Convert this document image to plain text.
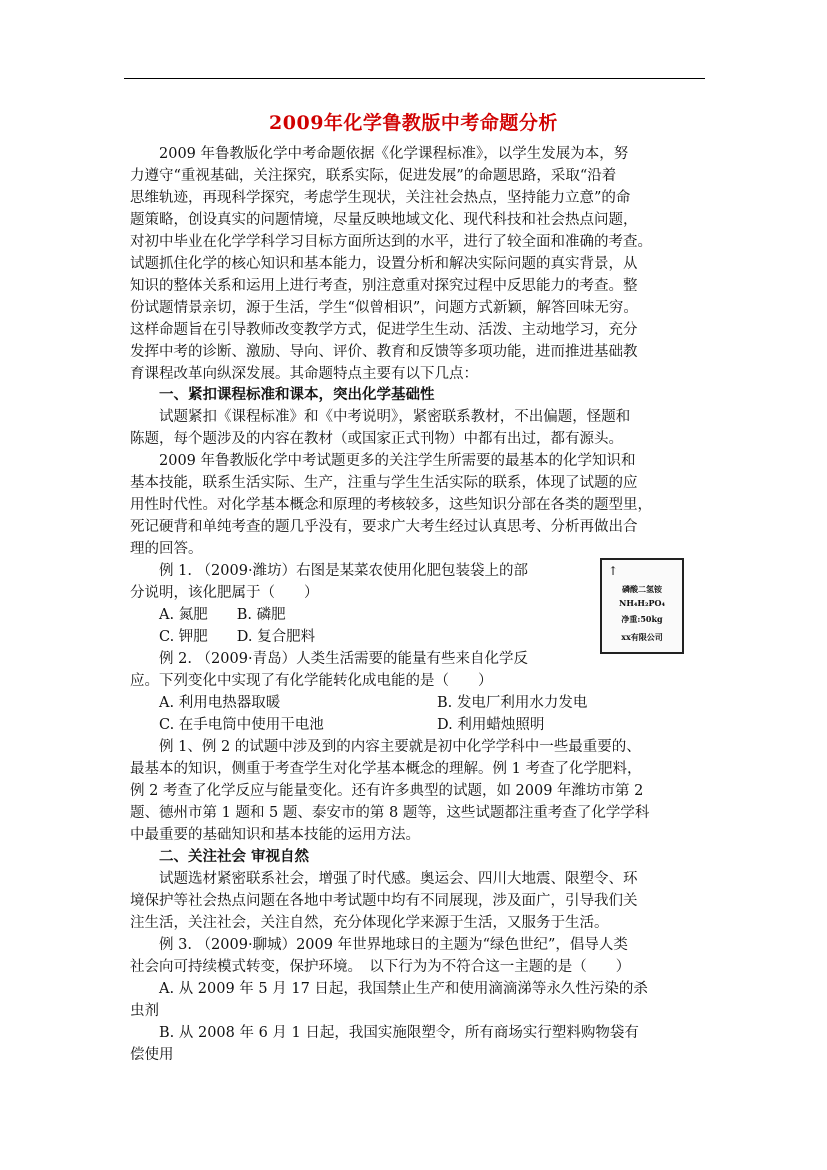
2009年化学鲁教版中考命题分析
2009 年鲁教版化学中考命题依据《化学课程标准》，以学生发展为本，努
力遵守“重视基础，关注探究，联系实际，促进发展”的命题思路，采取“沿着
思维轨迹，再现科学探究，考虑学生现状，关注社会热点，坚持能力立意”的命
题策略，创设真实的问题情境，尽量反映地域文化、现代科技和社会热点问题，
对初中毕业在化学学科学习目标方面所达到的水平，进行了较全面和准确的考查。
试题抓住化学的核心知识和基本能力，设置分析和解决实际问题的真实背景，从
知识的整体关系和运用上进行考查，别注意重对探究过程中反思能力的考查。整
份试题情景亲切，源于生活，学生“似曾相识”，问题方式新颖，解答回味无穷。
这样命题旨在引导教师改变教学方式，促进学生生动、活泼、主动地学习，充分
发挥中考的诊断、激励、导向、评价、教育和反馈等多项功能，进而推进基础教
育课程改革向纵深发展。其命题特点主要有以下几点：
一、紧扣课程标准和课本，突出化学基础性
试题紧扣《课程标准》和《中考说明》，紧密联系教材，不出偏题，怪题和
陈题，每个题涉及的内容在教材（或国家正式刊物）中都有出过，都有源头。
2009 年鲁教版化学中考试题更多的关注学生所需要的最基本的化学知识和
基本技能，联系生活实际、生产，注重与学生生活实际的联系，体现了试题的应
用性时代性。对化学基本概念和原理的考核较多，这些知识分部在各类的题型里，
死记硬背和单纯考查的题几乎没有，要求广大考生经过认真思考、分析再做出合
理的回答。
例 1. （2009·潍坊）右图是某菜农使用化肥包装袋上的部
分说明，该化肥属于（　　）
A. 氮肥　　B. 磷肥
C. 钾肥　　D. 复合肥料
例 2. （2009·青岛）人类生活需要的能量有些来自化学反
应。下列变化中实现了有化学能转化成电能的是（　　）
A. 利用电热器取暖	B. 发电厂利用水力发电
C. 在手电筒中使用干电池	D. 利用蜡烛照明
例 1、例 2 的试题中涉及到的内容主要就是初中化学学科中一些最重要的、
最基本的知识，侧重于考查学生对化学基本概念的理解。例 1 考查了化学肥料，
例 2 考查了化学反应与能量变化。还有许多典型的试题，如 2009 年潍坊市第 2
题、德州市第 1 题和 5 题、泰安市的第 8 题等，这些试题都注重考查了化学学科
中最重要的基础知识和基本技能的运用方法。
二、关注社会 审视自然
试题选材紧密联系社会，增强了时代感。奥运会、四川大地震、限塑令、环
境保护等社会热点问题在各地中考试题中均有不同展现，涉及面广，引导我们关
注生活，关注社会，关注自然，充分体现化学来源于生活，又服务于生活。
例 3. （2009·聊城）2009 年世界地球日的主题为“绿色世纪”，倡导人类
社会向可持续模式转变，保护环境。　以下行为为不符合这一主题的是（　　）
A. 从 2009 年 5 月 17 日起，我国禁止生产和使用滴滴涕等永久性污染的杀
虫剂
B. 从 2008 年 6 月 1 日起，我国实施限塑令，所有商场实行塑料购物袋有
偿使用
↑
磷酸二氢铵
NH₄H₂PO₄
净重:50kg
xx有限公司
